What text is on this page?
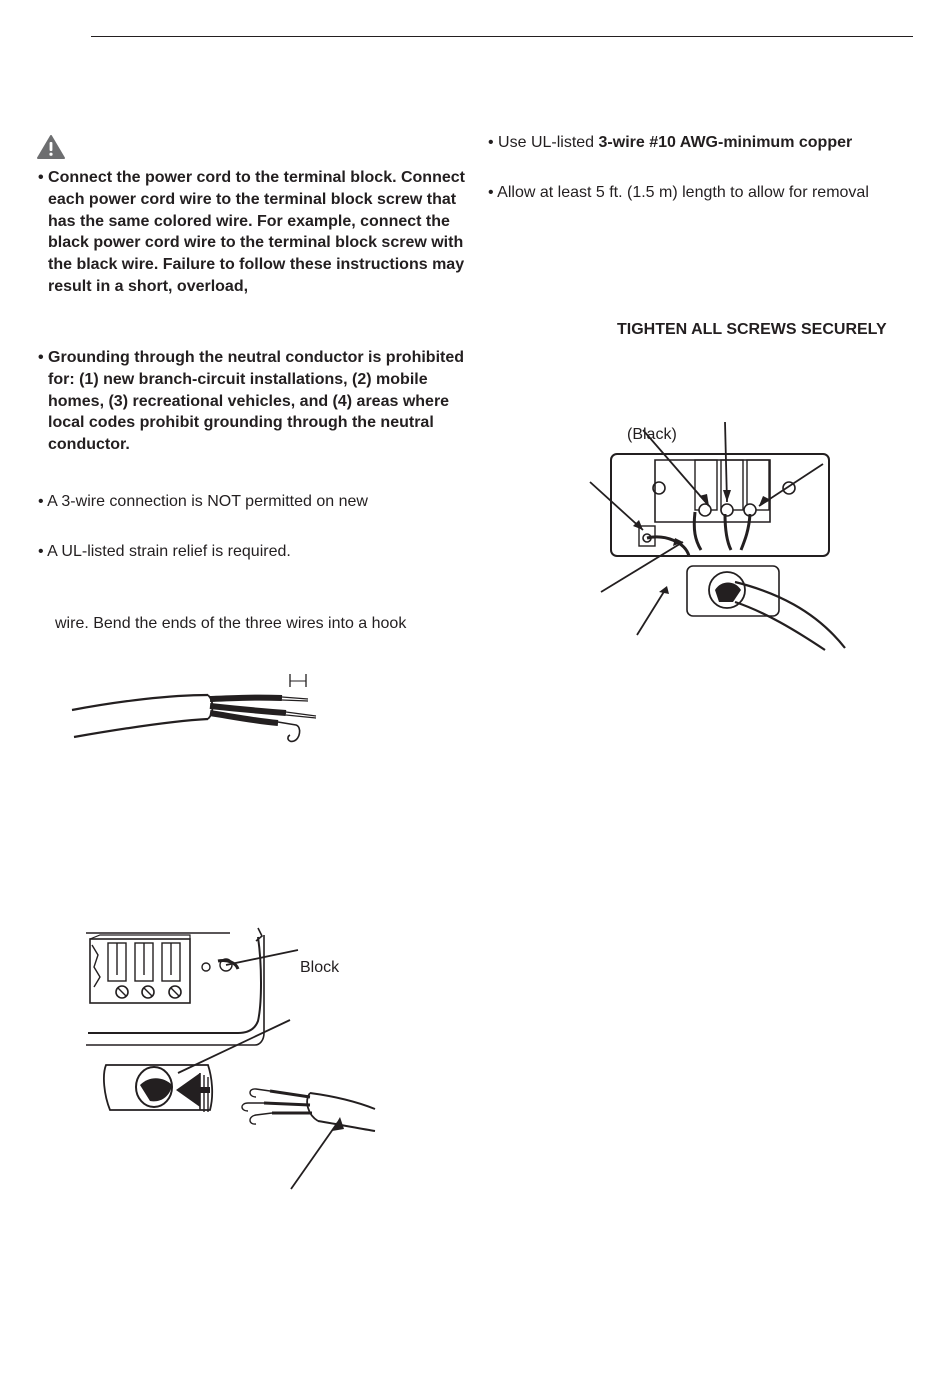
• Connect the power cord to the terminal block. Connect each power cord wire to the terminal block screw that has the same colored wire. For example, connect the black power cord wire to the terminal block screw with the black wire. Failure to follow these instructions may result in a short, overload,
• Grounding through the neutral conductor is prohibited for: (1) new branch-circuit installations, (2) mobile homes, (3) recreational vehicles, and (4) areas where local codes prohibit grounding through the neutral conductor.
• A 3-wire connection is NOT permitted on new
• A UL-listed strain relief is required.
wire. Bend the ends of the three wires into a hook
Block
• Use UL-listed 3-wire #10 AWG-minimum copper
• Allow at least 5 ft. (1.5 m) length to allow for removal
TIGHTEN ALL SCREWS SECURELY
(Black)
